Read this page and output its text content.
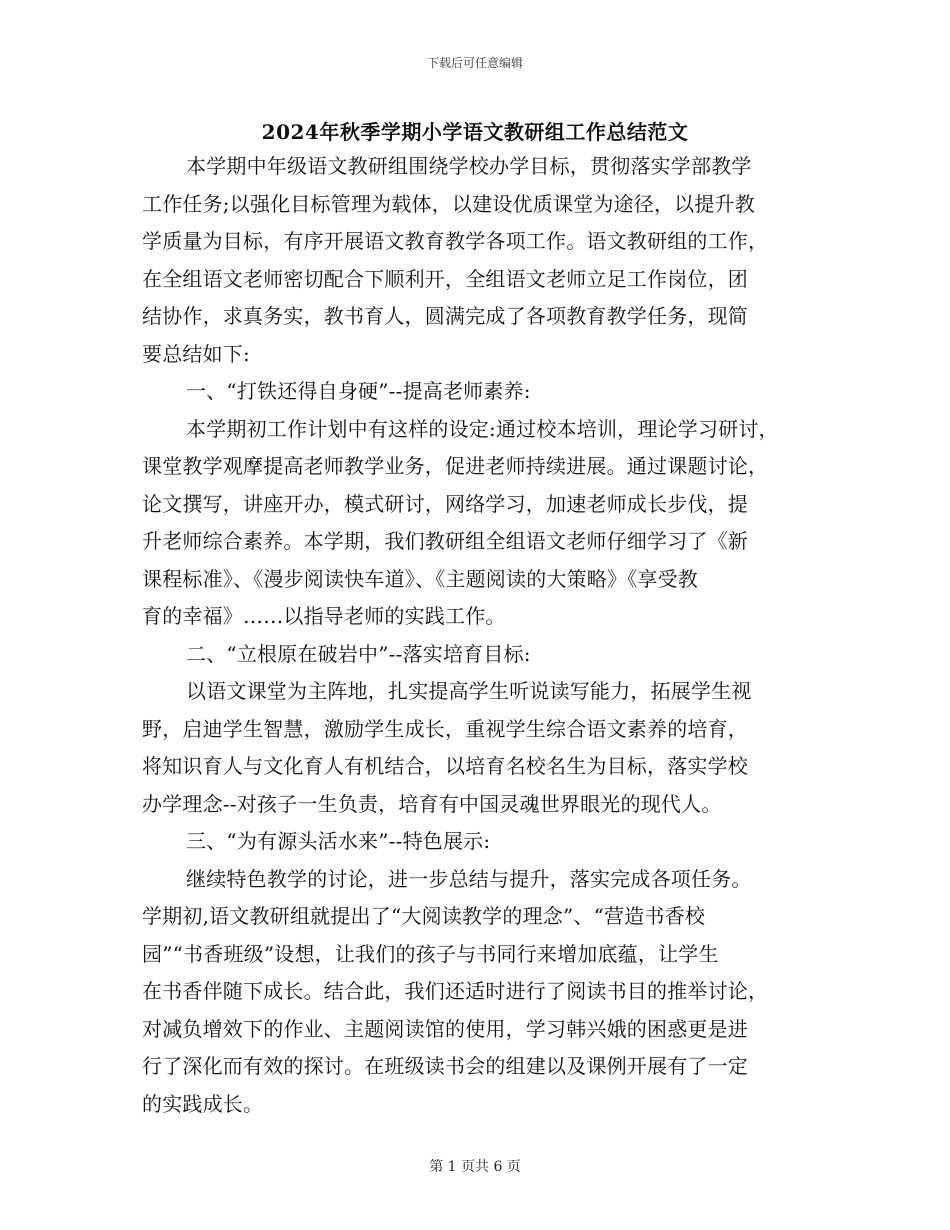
下载后可任意编辑
2024年秋季学期小学语文教研组工作总结范文
本学期中年级语文教研组围绕学校办学目标，贯彻落实学部教学
工作任务;以强化目标管理为载体，以建设优质课堂为途径，以提升教
学质量为目标，有序开展语文教育教学各项工作。语文教研组的工作，
在全组语文老师密切配合下顺利开，全组语文老师立足工作岗位，团
结协作，求真务实，教书育人，圆满完成了各项教育教学任务，现简
要总结如下:
一、“打铁还得自身硬”--提高老师素养:
本学期初工作计划中有这样的设定:通过校本培训，理论学习研讨，
课堂教学观摩提高老师教学业务，促进老师持续进展。通过课题讨论，
论文撰写，讲座开办，模式研讨，网络学习，加速老师成长步伐，提
升老师综合素养。本学期，我们教研组全组语文老师仔细学习了《新
课程标准》、《漫步阅读快车道》、《主题阅读的大策略》《享受教
育的幸福》……以指导老师的实践工作。
二、“立根原在破岩中”--落实培育目标:
以语文课堂为主阵地，扎实提高学生听说读写能力，拓展学生视
野，启迪学生智慧，激励学生成长，重视学生综合语文素养的培育，
将知识育人与文化育人有机结合，以培育名校名生为目标，落实学校
办学理念--对孩子一生负责，培育有中国灵魂世界眼光的现代人。
三、“为有源头活水来”--特色展示:
继续特色教学的讨论，进一步总结与提升，落实完成各项任务。
学期初,语文教研组就提出了“大阅读教学的理念”、“营造书香校
园”“书香班级”设想，让我们的孩子与书同行来增加底蕴，让学生
在书香伴随下成长。结合此，我们还适时进行了阅读书目的推举讨论，
对减负增效下的作业、主题阅读馆的使用，学习韩兴娥的困惑更是进
行了深化而有效的探讨。在班级读书会的组建以及课例开展有了一定
的实践成长。
第 1 页共 6 页
